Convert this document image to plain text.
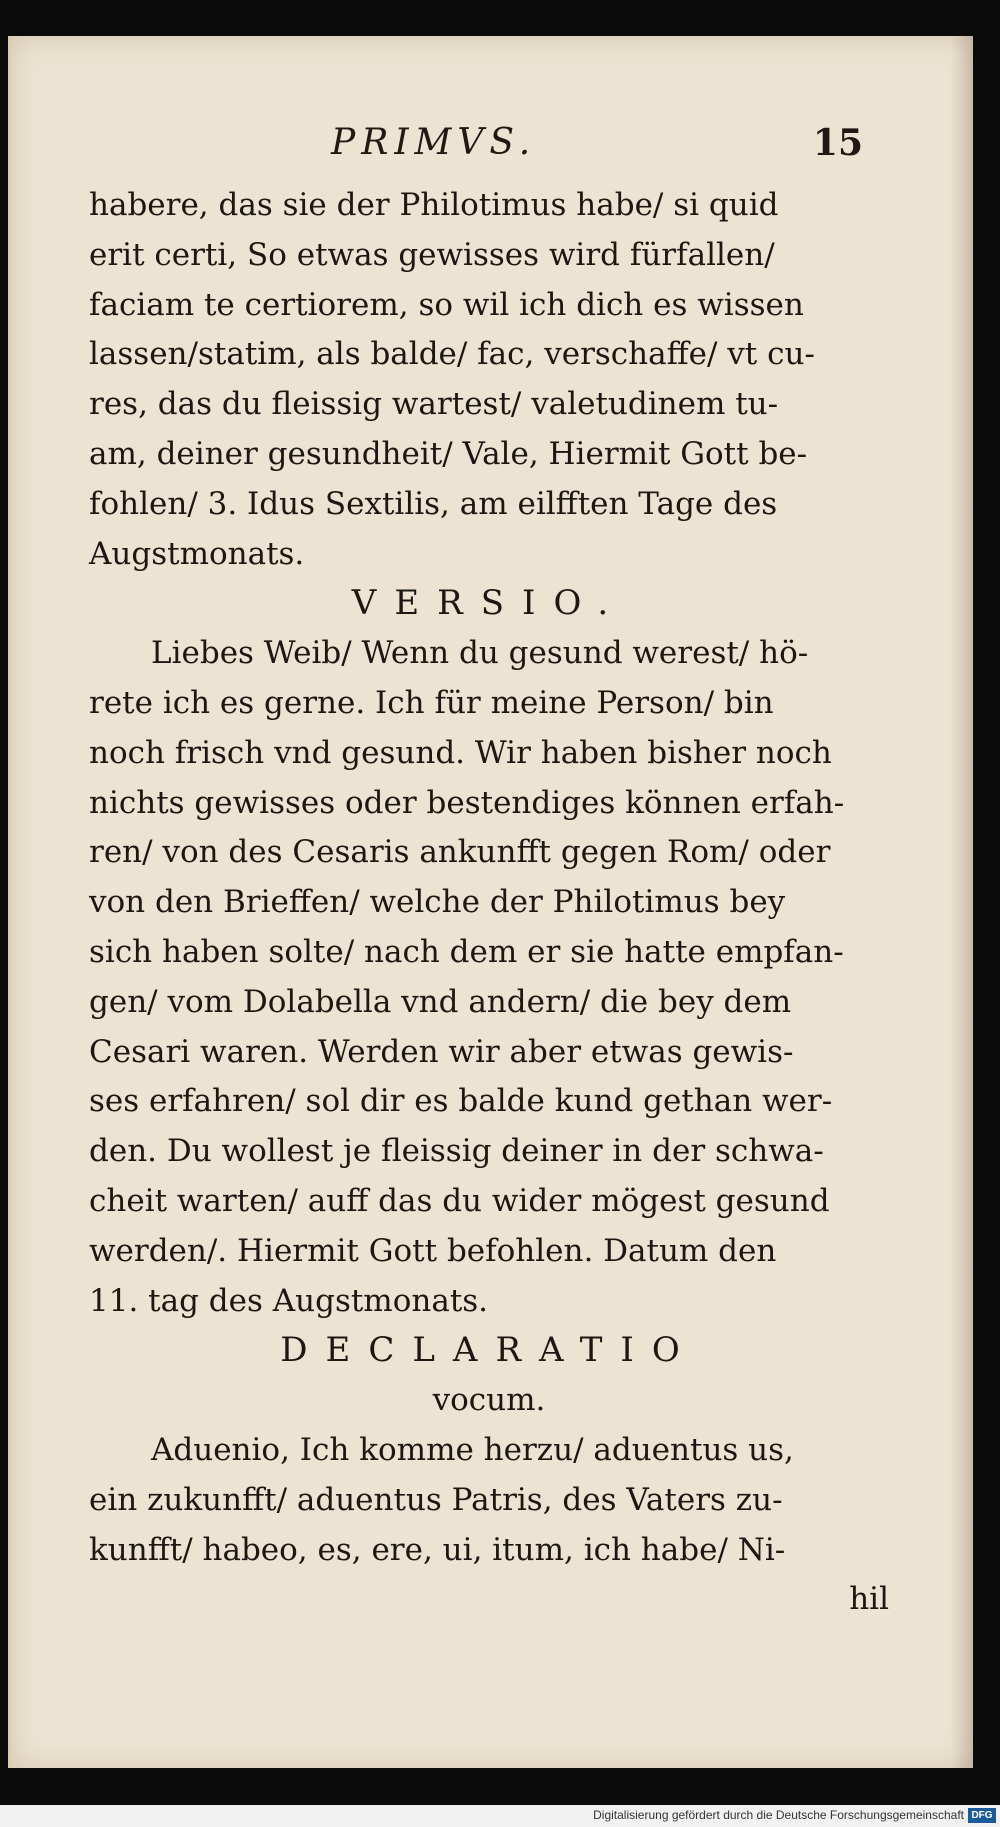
PRIMVS.	15
habere, das sie der Philotimus habe/ si quid
erit certi, So etwas gewisses wird fürfallen/
faciam te certiorem, so wil ich dich es wissen
lassen/statim, als balde/ fac, verschaffe/ vt cu-
res, das du fleissig wartest/ valetudinem tu-
am, deiner gesundheit/ Vale, Hiermit Gott be-
fohlen/ 3. Idus Sextilis, am eilfften Tage des
Augstmonats.
VERSIO.
Liebes Weib/ Wenn du gesund werest/ hö-
rete ich es gerne. Ich für meine Person/ bin
noch frisch vnd gesund. Wir haben bisher noch
nichts gewisses oder bestendiges können erfah-
ren/ von des Cesaris ankunfft gegen Rom/ oder
von den Brieffen/ welche der Philotimus bey
sich haben solte/ nach dem er sie hatte empfan-
gen/ vom Dolabella vnd andern/ die bey dem
Cesari waren. Werden wir aber etwas gewis-
ses erfahren/ sol dir es balde kund gethan wer-
den. Du wollest je fleissig deiner in der schwa-
cheit warten/ auff das du wider mögest gesund
werden/. Hiermit Gott befohlen. Datum den
11. tag des Augstmonats.
DECLARATIO
vocum.
Aduenio, Ich komme herzu/ aduentus us,
ein zukunfft/ aduentus Patris, des Vaters zu-
kunfft/ habeo, es, ere, ui, itum, ich habe/ Ni-
hil
Digitalisierung gefördert durch die Deutsche Forschungsgemeinschaft DFG
